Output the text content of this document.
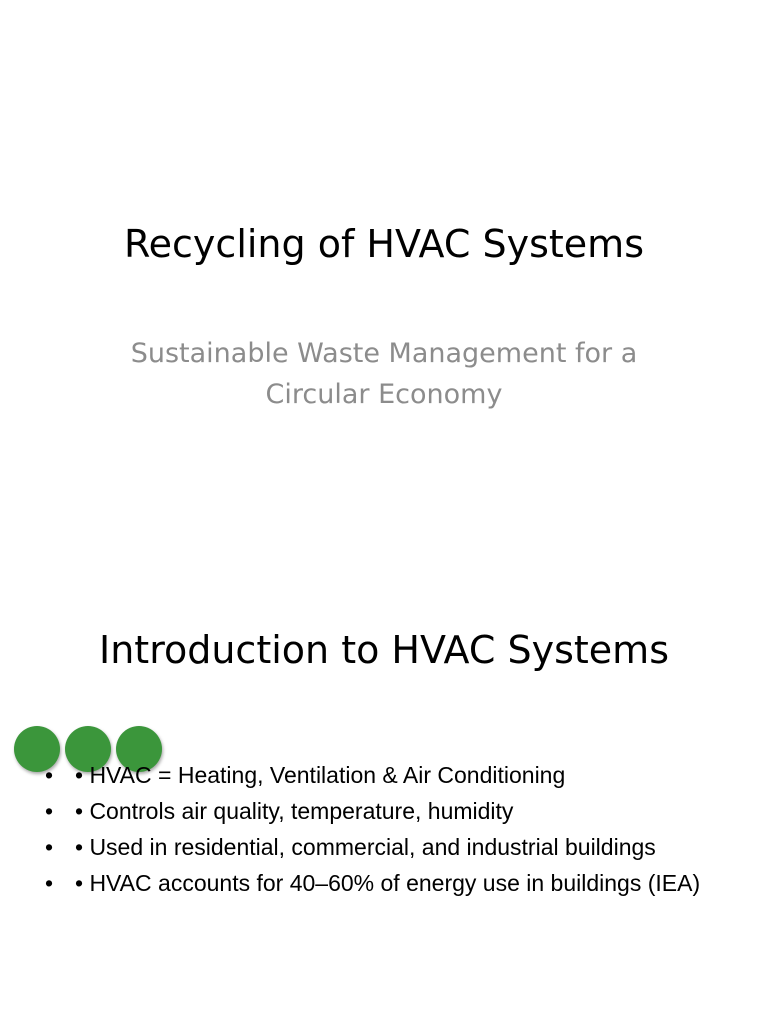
Recycling of HVAC Systems

Sustainable Waste Management for a Circular Economy

Introduction to HVAC Systems
• • HVAC = Heating, Ventilation & Air Conditioning
• • Controls air quality, temperature, humidity
• • Used in residential, commercial, and industrial buildings
• • HVAC accounts for 40–60% of energy use in buildings (IEA)
